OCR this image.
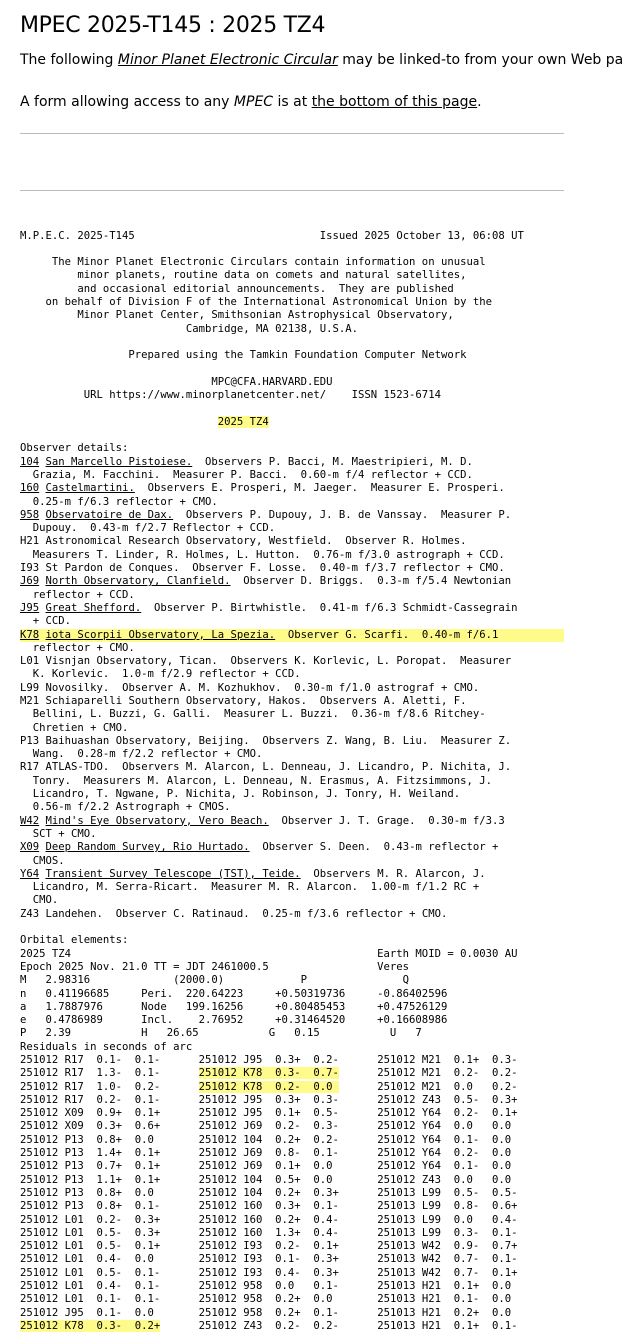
MPEC 2025-T145 : 2025 TZ4
The following Minor Planet Electronic Circular may be linked-to from your own Web pa
A form allowing access to any MPEC is at the bottom of this page.

M.P.E.C. 2025-T145	Issued 2025 October 13, 06:08 UT

The Minor Planet Electronic Circulars contain information on unusual
minor planets, routine data on comets and natural satellites,
and occasional editorial announcements.  They are published
on behalf of Division F of the International Astronomical Union by the
Minor Planet Center, Smithsonian Astrophysical Observatory,
Cambridge, MA 02138, U.S.A.

Prepared using the Tamkin Foundation Computer Network

MPC@CFA.HARVARD.EDU
URL https://www.minorplanetcenter.net/    ISSN 1523-6714

2025 TZ4

Observer details:
104 San Marcello Pistoiese.  Observers P. Bacci, M. Maestripieri, M. D.
Grazia, M. Facchini.  Measurer P. Bacci.  0.60-m f/4 reflector + CCD.
160 Castelmartini.  Observers E. Prosperi, M. Jaeger.  Measurer E. Prosperi.
0.25-m f/6.3 reflector + CMO.
958 Observatoire de Dax.  Observers P. Dupouy, J. B. de Vanssay.  Measurer P.
Dupouy.  0.43-m f/2.7 Reflector + CCD.
H21 Astronomical Research Observatory, Westfield.  Observer R. Holmes.
Measurers T. Linder, R. Holmes, L. Hutton.  0.76-m f/3.0 astrograph + CCD.
I93 St Pardon de Conques.  Observer F. Losse.  0.40-m f/3.7 reflector + CMO.
J69 North Observatory, Clanfield.  Observer D. Briggs.  0.3-m f/5.4 Newtonian
reflector + CCD.
J95 Great Shefford.  Observer P. Birtwhistle.  0.41-m f/6.3 Schmidt-Cassegrain
+ CCD.
K78 iota Scorpii Observatory, La Spezia.  Observer G. Scarfi.  0.40-m f/6.1
reflector + CMO.
L01 Visnjan Observatory, Tican.  Observers K. Korlevic, L. Poropat.  Measurer
K. Korlevic.  1.0-m f/2.9 reflector + CCD.
L99 Novosilky.  Observer A. M. Kozhukhov.  0.30-m f/1.0 astrograf + CMO.
M21 Schiaparelli Southern Observatory, Hakos.  Observers A. Aletti, F.
Bellini, L. Buzzi, G. Galli.  Measurer L. Buzzi.  0.36-m f/8.6 Ritchey-
Chretien + CMO.
P13 Baihuashan Observatory, Beijing.  Observers Z. Wang, B. Liu.  Measurer Z.
Wang.  0.28-m f/2.2 reflector + CMO.
R17 ATLAS-TDO.  Observers M. Alarcon, L. Denneau, J. Licandro, P. Nichita, J.
Tonry.  Measurers M. Alarcon, L. Denneau, N. Erasmus, A. Fitzsimmons, J.
Licandro, T. Ngwane, P. Nichita, J. Robinson, J. Tonry, H. Weiland.
0.56-m f/2.2 Astrograph + CMOS.
W42 Mind's Eye Observatory, Vero Beach.  Observer J. T. Grage.  0.30-m f/3.3
SCT + CMO.
X09 Deep Random Survey, Rio Hurtado.  Observer S. Deen.  0.43-m reflector +
CMOS.
Y64 Transient Survey Telescope (TST), Teide.  Observers M. R. Alarcon, J.
Licandro, M. Serra-Ricart.  Measurer M. R. Alarcon.  1.00-m f/1.2 RC +
CMO.
Z43 Landehen.  Observer C. Ratinaud.  0.25-m f/3.6 reflector + CMO.

Orbital elements:
2025 TZ4                                                Earth MOID = 0.0030 AU
Epoch 2025 Nov. 21.0 TT = JDT 2461000.5                 Veres
M   2.98316             (2000.0)            P               Q
n   0.41196685     Peri.  220.64223     +0.50319736     -0.86402596
a   1.7887976      Node   199.16256     +0.80485453     +0.47526129
e   0.4786989      Incl.    2.76952     +0.31464520     +0.16608986
P   2.39           H   26.65           G   0.15           U   7
Residuals in seconds of arc
251012 R17  0.1-  0.1-	251012 J95  0.3+  0.2-	251012 M21  0.1+  0.3-
251012 R17  1.3-  0.1-	251012 K78  0.3-  0.7-	251012 M21  0.2-  0.2-
251012 R17  1.0-  0.2-	251012 K78  0.2-  0.0	251012 M21  0.0   0.2-
251012 R17  0.2-  0.1-	251012 J95  0.3+  0.3-	251012 Z43  0.5-  0.3+
251012 X09  0.9+  0.1+	251012 J95  0.1+  0.5-	251012 Y64  0.2-  0.1+
251012 X09  0.3+  0.6+	251012 J69  0.2-  0.3-	251012 Y64  0.0   0.0
251012 P13  0.8+  0.0	251012 104  0.2+  0.2-	251012 Y64  0.1-  0.0
251012 P13  1.4+  0.1+	251012 J69  0.8-  0.1-	251012 Y64  0.2-  0.0
251012 P13  0.7+  0.1+	251012 J69  0.1+  0.0	251012 Y64  0.1-  0.0
251012 P13  1.1+  0.1+	251012 104  0.5+  0.0	251012 Z43  0.0   0.0
251012 P13  0.8+  0.0	251012 104  0.2+  0.3+	251013 L99  0.5-  0.5-
251012 P13  0.8+  0.1-	251012 160  0.3+  0.1-	251013 L99  0.8-  0.6+
251012 L01  0.2-  0.3+	251012 160  0.2+  0.4-	251013 L99  0.0   0.4-
251012 L01  0.5-  0.3+	251012 160  1.3+  0.4-	251013 L99  0.3-  0.1-
251012 L01  0.5-  0.1+	251012 I93  0.2-  0.1+	251013 W42  0.9-  0.7+
251012 L01  0.4-  0.0	251012 I93  0.1-  0.3+	251013 W42  0.7-  0.1-
251012 L01  0.5-  0.1-	251012 I93  0.4-  0.3+	251013 W42  0.7-  0.1+
251012 L01  0.4-  0.1-	251012 958  0.0   0.1-	251013 H21  0.1+  0.0
251012 L01  0.1-  0.1-	251012 958  0.2+  0.0	251013 H21  0.1-  0.0
251012 J95  0.1-  0.0	251012 958  0.2+  0.1-	251013 H21  0.2+  0.0
251012 K78  0.3-  0.2+	251012 Z43  0.2-  0.2-	251013 H21  0.1+  0.1-
